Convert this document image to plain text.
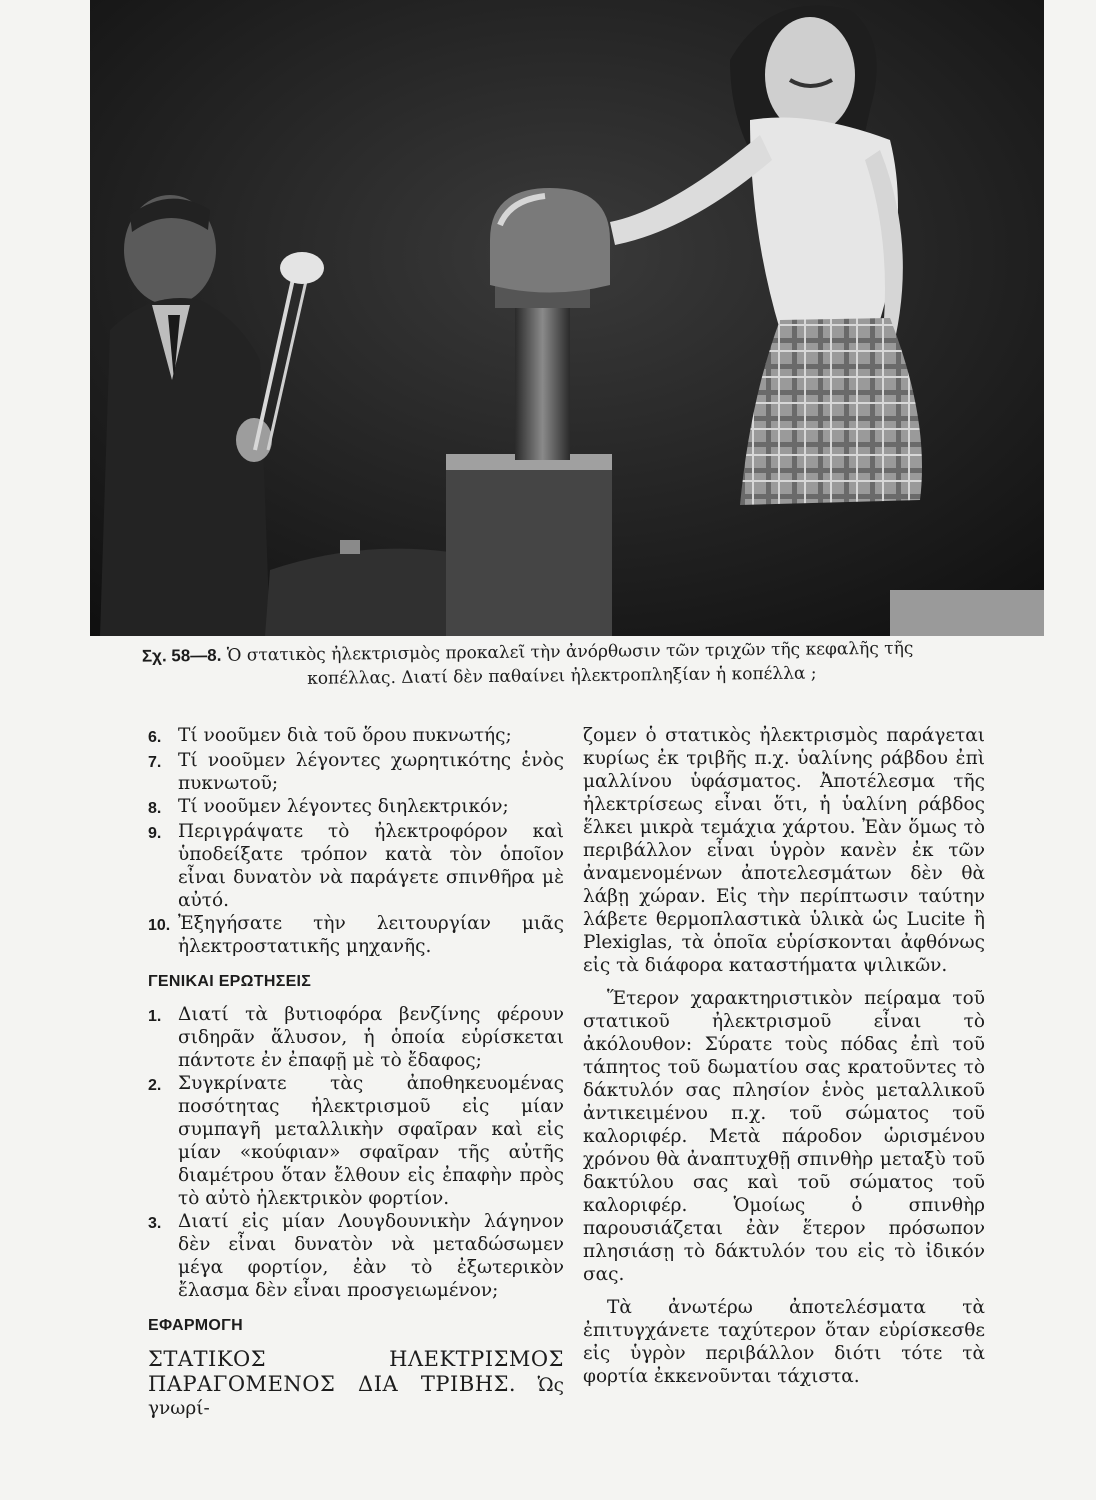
Σχ. 58—8. Ὁ στατικὸς ἠλεκτρισμὸς προκαλεῖ τὴν ἀνόρθωσιν τῶν τριχῶν τῆς κεφαλῆς τῆς
κοπέλλας. Διατί δὲν παθαίνει ἠλεκτροπληξίαν ἡ κοπέλλα ;
6. Τί νοοῦμεν διὰ τοῦ ὅρου πυκνωτής;
7. Τί νοοῦμεν λέγοντες χωρητικότης ἑνὸς πυκνωτοῦ;
8. Τί νοοῦμεν λέγοντες διηλεκτρικόν;
9. Περιγράψατε τὸ ἠλεκτροφόρον καὶ ὑποδείξατε τρόπον κατὰ τὸν ὁποῖον εἶναι δυνατὸν νὰ παράγετε σπινθῆρα μὲ αὐτό.
10. Ἐξηγήσατε τὴν λειτουργίαν μιᾶς ἠλεκτροστατικῆς μηχανῆς.
ΓΕΝΙΚΑΙ ΕΡΩΤΗΣΕΙΣ
1. Διατί τὰ βυτιοφόρα βενζίνης φέρουν σιδηρᾶν ἅλυσον, ἡ ὁποία εὑρίσκεται πάντοτε ἐν ἐπαφῇ μὲ τὸ ἔδαφος;
2. Συγκρίνατε τὰς ἀποθηκευομένας ποσότητας ἠλεκτρισμοῦ εἰς μίαν συμπαγῆ μεταλλικὴν σφαῖραν καὶ εἰς μίαν «κούφιαν» σφαῖραν τῆς αὐτῆς διαμέτρου ὅταν ἔλθουν εἰς ἐπαφὴν πρὸς τὸ αὐτὸ ἠλεκτρικὸν φορτίον.
3. Διατί εἰς μίαν Λουγδουνικὴν λάγηνον δὲν εἶναι δυνατὸν νὰ μεταδώσωμεν μέγα φορτίον, ἐὰν τὸ ἐξωτερικὸν ἔλασμα δὲν εἶναι προσγειωμένον;
ΕΦΑΡΜΟΓΗ
ΣΤΑΤΙΚΟΣ ΗΛΕΚΤΡΙΣΜΟΣ ΠΑΡΑΓΟΜΕΝΟΣ ΔΙΑ ΤΡΙΒΗΣ. Ὡς γνωρί-

ζομεν ὁ στατικὸς ἠλεκτρισμὸς παράγεται κυρίως ἐκ τριβῆς π.χ. ὑαλίνης ράβδου ἐπὶ μαλλίνου ὑφάσματος. Ἀποτέλεσμα τῆς ἠλεκτρίσεως εἶναι ὅτι, ἡ ὑαλίνη ράβδος ἕλκει μικρὰ τεμάχια χάρτου. Ἐὰν ὅμως τὸ περιβάλλον εἶναι ὑγρὸν κανὲν ἐκ τῶν ἀναμενομένων ἀποτελεσμάτων δὲν θὰ λάβῃ χώραν. Εἰς τὴν περίπτωσιν ταύτην λάβετε θερμοπλαστικὰ ὑλικὰ ὡς Lucite ἢ Plexiglas, τὰ ὁποῖα εὑρίσκονται ἀφθόνως εἰς τὰ διάφορα καταστήματα ψιλικῶν.

Ἕτερον χαρακτηριστικὸν πείραμα τοῦ στατικοῦ ἠλεκτρισμοῦ εἶναι τὸ ἀκόλουθον: Σύρατε τοὺς πόδας ἐπὶ τοῦ τάπητος τοῦ δωματίου σας κρατοῦντες τὸ δάκτυλόν σας πλησίον ἑνὸς μεταλλικοῦ ἀντικειμένου π.χ. τοῦ σώματος τοῦ καλοριφέρ. Μετὰ πάροδον ὡρισμένου χρόνου θὰ ἀναπτυχθῇ σπινθὴρ μεταξὺ τοῦ δακτύλου σας καὶ τοῦ σώματος τοῦ καλοριφέρ. Ὁμοίως ὁ σπινθὴρ παρουσιάζεται ἐὰν ἕτερον πρόσωπον πλησιάσῃ τὸ δάκτυλόν του εἰς τὸ ἰδικόν σας.

Τὰ ἀνωτέρω ἀποτελέσματα τὰ ἐπιτυγχάνετε ταχύτερον ὅταν εὑρίσκεσθε εἰς ὑγρὸν περιβάλλον διότι τότε τὰ φορτία ἐκκενοῦνται τάχιστα.
